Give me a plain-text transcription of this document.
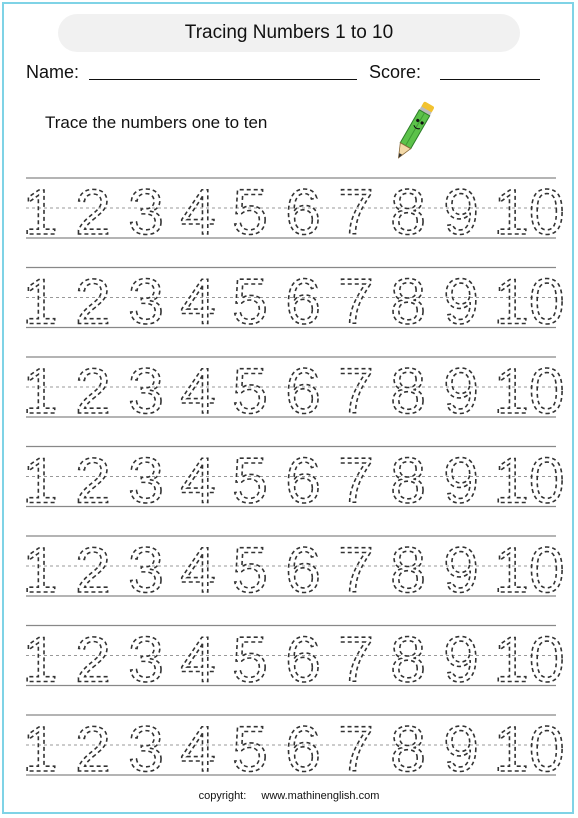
Tracing Numbers 1 to 10
Name:	Score:
Trace the numbers one to ten
1 2 3 4 5 6 7 8 9 10
1 2 3 4 5 6 7 8 9 10
1 2 3 4 5 6 7 8 9 10
1 2 3 4 5 6 7 8 9 10
1 2 3 4 5 6 7 8 9 10
1 2 3 4 5 6 7 8 9 10
1 2 3 4 5 6 7 8 9 10
copyright: www.mathinenglish.com
